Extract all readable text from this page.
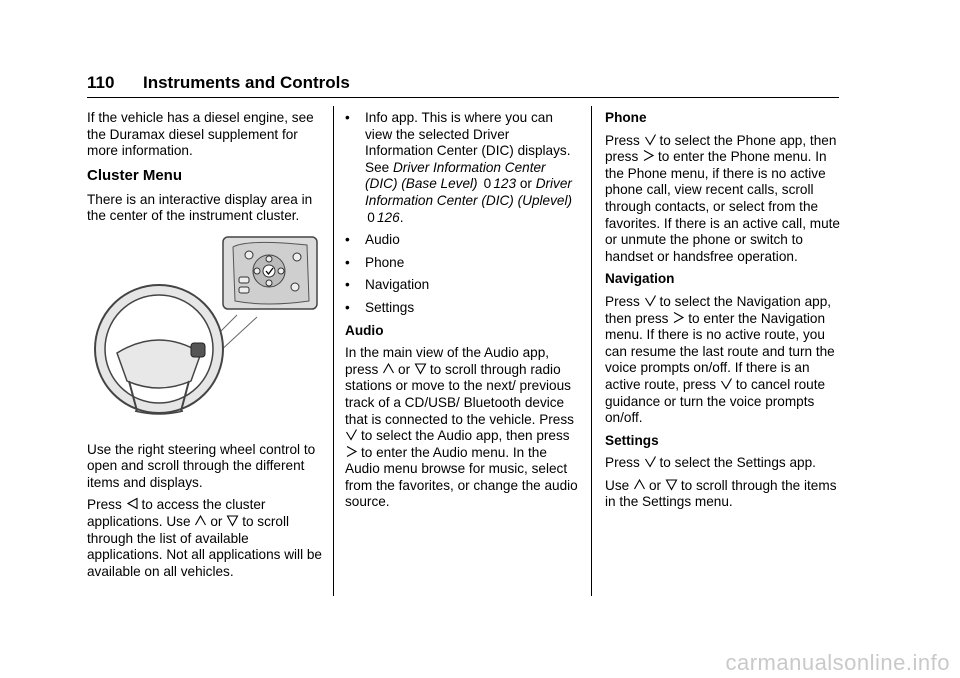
110 Instruments and Controls

If the vehicle has a diesel engine, see the Duramax diesel supplement for more information.

Cluster Menu

There is an interactive display area in the center of the instrument cluster.

Use the right steering wheel control to open and scroll through the different items and displays.

Press to access the cluster applications. Use or to scroll through the list of available applications. Not all applications will be available on all vehicles.

•	Info app. This is where you can view the selected Driver Information Center (DIC) displays. See Driver Information Center (DIC) (Base Level) 0 123 or Driver Information Center (DIC) (Uplevel) 0 126.
•	Audio
•	Phone
•	Navigation
•	Settings
Audio

In the main view of the Audio app, press or to scroll through radio stations or move to the next/ previous track of a CD/USB/ Bluetooth device that is connected to the vehicle. Press
to select the Audio app, then press
to enter the Audio menu. In the Audio menu browse for music, select from the favorites, or change the audio source.

Phone

Press to select the Phone app, then press to enter the Phone menu. In the Phone menu, if there is no active phone call, view recent calls, scroll through contacts, or select from the favorites. If there is an active call, mute or unmute the phone or switch to handset or handsfree operation.

Navigation

Press to select the Navigation app, then press to enter the Navigation menu. If there is no active route, you can resume the last route and turn the voice prompts on/off. If there is an active route, press to cancel route guidance or turn the voice prompts on/off.

Settings

Press to select the Settings app.

Use or to scroll through the items in the Settings menu.

carmanualsonline.info
